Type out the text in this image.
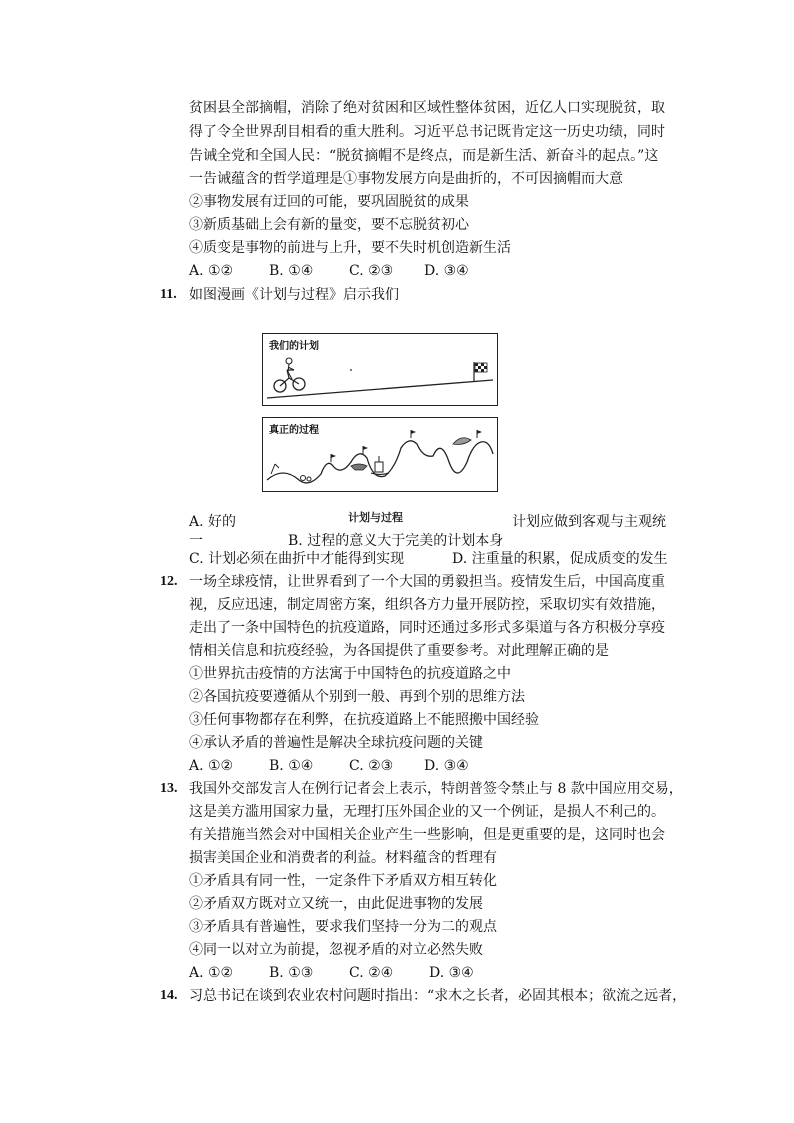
贫困县全部摘帽，消除了绝对贫困和区域性整体贫困，近亿人口实现脱贫，取
得了令全世界刮目相看的重大胜利。习近平总书记既肯定这一历史功绩，同时
告诫全党和全国人民：“脱贫摘帽不是终点，而是新生活、新奋斗的起点。”这
一告诫蕴含的哲学道理是①事物发展方向是曲折的，不可因摘帽而大意
②事物发展有迂回的可能，要巩固脱贫的成果
③新质基础上会有新的量变，要不忘脱贫初心
④质变是事物的前进与上升，要不失时机创造新生活
A. ①②	B. ①④	C. ②③ D. ③④
11. 如图漫画《计划与过程》启示我们
我们的计划
真正的过程
计划与过程
A. 好的	计划应做到客观与主观统
一	B. 过程的意义大于完美的计划本身
C. 计划必须在曲折中才能得到实现	D. 注重量的积累，促成质变的发生
12. 一场全球疫情，让世界看到了一个大国的勇毅担当。疫情发生后，中国高度重
视，反应迅速，制定周密方案，组织各方力量开展防控，采取切实有效措施，
走出了一条中国特色的抗疫道路，同时还通过多形式多渠道与各方积极分享疫
情相关信息和抗疫经验，为各国提供了重要参考。对此理解正确的是
①世界抗击疫情的方法寓于中国特色的抗疫道路之中
②各国抗疫要遵循从个别到一般、再到个别的思维方法
③任何事物都存在利弊，在抗疫道路上不能照搬中国经验
④承认矛盾的普遍性是解决全球抗疫问题的关键
A. ①②	B. ①④	C. ②③ D. ③④
13. 我国外交部发言人在例行记者会上表示，特朗普签令禁止与 8 款中国应用交易，
这是美方滥用国家力量，无理打压外国企业的又一个例证，是损人不利己的。
有关措施当然会对中国相关企业产生一些影响，但是更重要的是，这同时也会
损害美国企业和消费者的利益。材料蕴含的哲理有
①矛盾具有同一性，一定条件下矛盾双方相互转化
②矛盾双方既对立又统一，由此促进事物的发展
③矛盾具有普遍性，要求我们坚持一分为二的观点
④同一以对立为前提，忽视矛盾的对立必然失败
A. ①②	B. ①③	C. ②④	D. ③④
14. 习总书记在谈到农业农村问题时指出：“求木之长者，必固其根本；欲流之远者，
